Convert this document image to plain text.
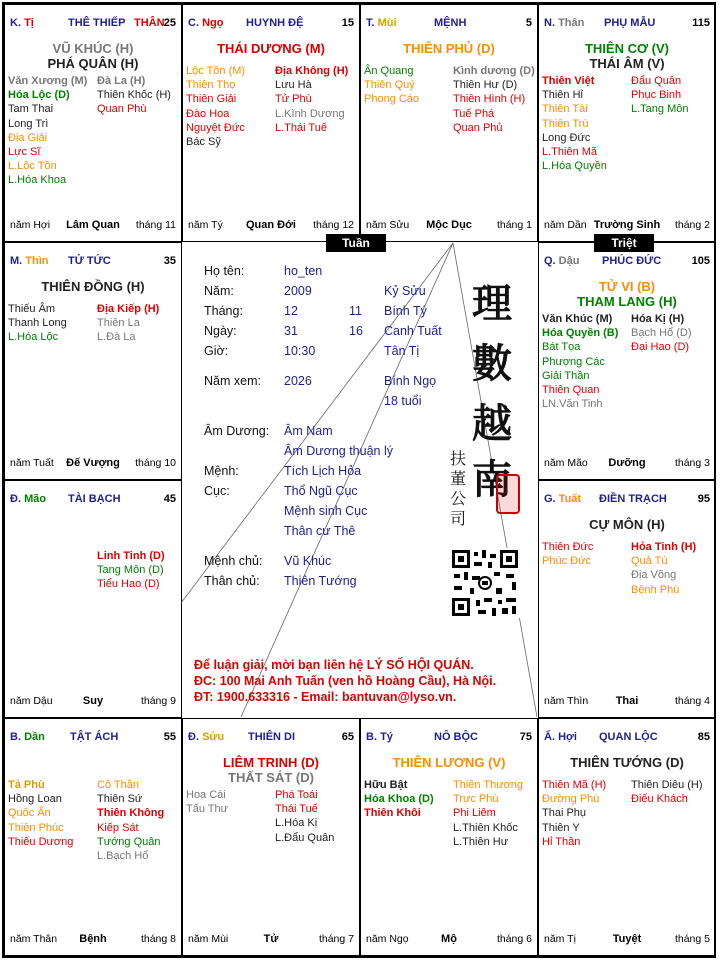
K. Tị	THÊ THIẾP THÂN 25
VŨ KHÚC (H)
PHÁ QUÂN (H)
Văn Xương (M)
Hóa Lộc (D)
Tam Thai
Long Trì
Địa Giải
Lực Sĩ
L.Lộc Tồn
L.Hóa Khoa
Đà La (H)
Thiên Khốc (H)
Quan Phù
năm Hợi	Lâm Quan	tháng 11
C. Ngọ HUYNH ĐỆ	15
THÁI DƯƠNG (M)
Lộc Tồn (M)
Thiên Thọ
Thiên Giải
Đào Hoa
Nguyệt Đức
Bác Sỹ
Địa Không (H)
Lưu Hà
Tử Phù
L.Kình Dương
L.Thái Tuế
năm Tý	Quan Đới	tháng 12
T. Mùi	MỆNH	5
THIÊN PHỦ (D)
Ân Quang
Thiên Quý
Phong Cáo
Kình dương (D)
Thiên Hư (D)
Thiên Hình (H)
Tuế Phá
Quan Phủ
năm Sửu	Mộc Dục	tháng 1
N. Thân PHỤ MẪU	115
THIÊN CƠ (V)
THÁI ÂM (V)
Thiên Việt
Thiên Hỉ
Thiên Tài
Thiên Trù
Long Đức
L.Thiên Mã
L.Hóa Quyền
Đẩu Quân
Phục Binh
L.Tang Môn
năm Dần Trường Sinh	tháng 2
M. Thìn TỬ TỨC	35
THIÊN ĐỒNG (H)
Thiếu Âm
Thanh Long
L.Hóa Lộc
Địa Kiếp (H)
Thiên La
L.Đà La
năm Tuất	Đế Vượng	tháng 10
Q. Dậu PHÚC ĐỨC	105
TỬ VI (B)
THAM LANG (H)
Văn Khúc (M)
Hóa Quyền (B)
Bát Tọa
Phượng Các
Giải Thần
Thiên Quan
LN.Văn Tinh
Hóa Kị (H)
Bạch Hổ (D)
Đại Hao (D)
năm Mão	Dưỡng	tháng 3
Đ. Mão TÀI BẠCH	45
Linh Tinh (D)
Tang Môn (D)
Tiểu Hao (D)
năm Dậu	Suy	tháng 9
G. Tuất ĐIỀN TRẠCH	95
CỰ MÔN (H)
Thiên Đức
Phúc Đức
Hỏa Tinh (H)
Quả Tú
Địa Võng
Bệnh Phù
năm Thìn	Thai	tháng 4
B. Dần TẬT ÁCH	55
Tả Phù
Hồng Loan
Quốc Ấn
Thiên Phúc
Thiếu Dương
Cô Thần
Thiên Sứ
Thiên Không
Kiếp Sát
Tướng Quân
L.Bạch Hổ
năm Thân	Bệnh	tháng 8
Đ. Sửu THIÊN DI	65
LIÊM TRINH (D)
THẤT SÁT (D)
Hoa Cái
Tấu Thư
Phá Toái
Thái Tuế
L.Hóa Kị
L.Đẩu Quân
năm Mùi	Tử	tháng 7
B. Tý	NÔ BỘC	75
THIÊN LƯƠNG (V)
Hữu Bật
Hóa Khoa (D)
Thiên Khôi
Thiên Thương
Trực Phù
Phi Liêm
L.Thiên Khốc
L.Thiên Hư
năm Ngọ	Mộ	tháng 6
Ấ. Hợi QUAN LỘC	85
THIÊN TƯỚNG (D)
Thiên Mã (H)
Đường Phù
Thai Phụ
Thiên Y
Hỉ Thần
Thiên Diêu (H)
Điếu Khách
năm Tị	Tuyệt	tháng 5
Tuần	Triệt
Họ tên:	ho_ten
Năm:	2009	Kỷ Sửu
Tháng:	12	11 Bính Tý
Ngày:	31	16 Canh Tuất
Giờ:	10:30	Tân Tị
Năm xem: 2026	Bính Ngọ
18 tuổi
Âm Dương: Âm Nam
Âm Dương thuận lý
Mệnh:	Tích Lịch Hỏa
Cục:	Thổ Ngũ Cục
Mệnh sinh Cục
Thân cư Thê
Mệnh chủ: Vũ Khúc
Thân chủ: Thiên Tướng
理
數
越
南
扶
董
公
司
Để luận giải, mời bạn liên hệ LÝ SỐ HỘI QUÁN.
ĐC: 100 Mai Anh Tuấn (ven hồ Hoàng Cầu), Hà Nội.
ĐT: 1900.633316 - Email: bantuvan@lyso.vn.
